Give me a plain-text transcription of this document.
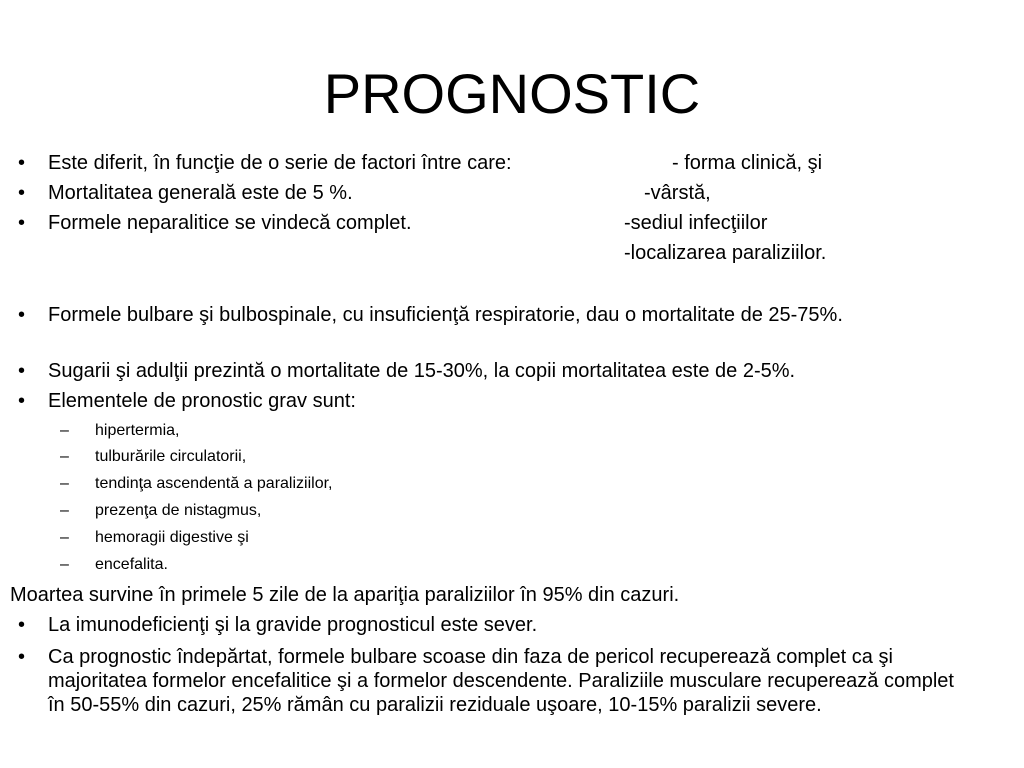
PROGNOSTIC
• Este diferit, în funcţie de o serie de factori între care:	- forma clinică, şi
• Mortalitatea generală este de 5 %.	-vârstă,
• Formele neparalitice se vindecă complet.	-sediul infecţiilor
-localizarea paraliziilor.
• Formele bulbare şi bulbospinale, cu insuficienţă respiratorie, dau o mortalitate de 25-75%.
• Sugarii şi adulţii prezintă o mortalitate de 15-30%, la copii mortalitatea este de 2-5%.
• Elementele de pronostic grav sunt:
– hipertermia,
– tulburările circulatorii,
– tendinţa ascendentă a paraliziilor,
– prezenţa de nistagmus,
– hemoragii digestive şi
– encefalita.
Moartea survine în primele 5 zile de la apariţia paraliziilor în 95% din cazuri.
• La imunodeficienţi şi la gravide prognosticul este sever.
• Ca prognostic îndepărtat, formele bulbare scoase din faza de pericol recuperează complet ca şi majoritatea formelor encefalitice şi a formelor descendente. Paraliziile musculare recuperează complet în 50-55% din cazuri, 25% rămân cu paralizii reziduale uşoare, 10-15% paralizii severe.
